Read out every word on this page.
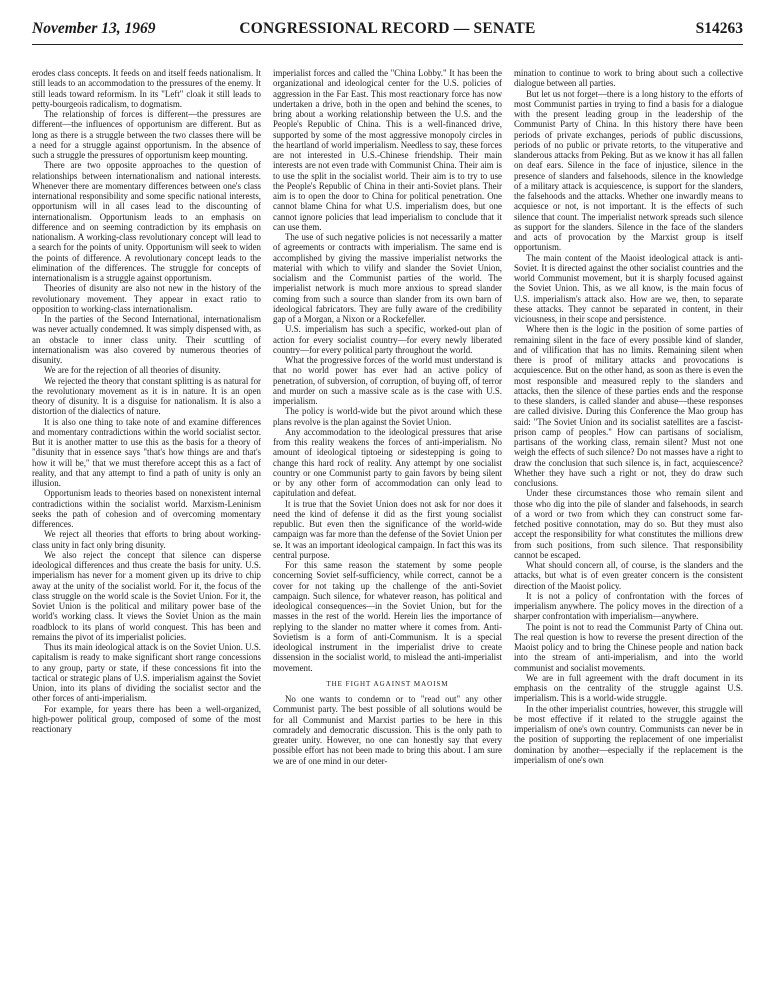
November 13, 1969	CONGRESSIONAL RECORD — SENATE	S14263

erodes class concepts. It feeds on and itself feeds nationalism. It still leads to an accommodation to the pressures of the enemy. It still leads toward reformism. In its "Left" cloak it still leads to petty-bourgeois radicalism, to dogmatism.

The relationship of forces is different—the pressures are different—the influences of opportunism are different. But as long as there is a struggle between the two classes there will be a need for a struggle against opportunism. In the absence of such a struggle the pressures of opportunism keep mounting.

There are two opposite approaches to the question of relationships between internationalism and national interests. Whenever there are momentary differences between one's class international responsibility and some specific national interests, opportunism will in all cases lead to the discounting of internationalism. Opportunism leads to an emphasis on difference and on seeming contradiction by its emphasis on nationalism. A working-class revolutionary concept will lead to a search for the points of unity. Opportunism will seek to widen the points of difference. A revolutionary concept leads to the elimination of the differences. The struggle for concepts of internationalism is a struggle against opportunism.

Theories of disunity are also not new in the history of the revolutionary movement. They appear in exact ratio to opposition to working-class internationalism.

In the parties of the Second International, internationalism was never actually condemned. It was simply dispensed with, as an obstacle to inner class unity. Their scuttling of internationalism was also covered by numerous theories of disunity.

We are for the rejection of all theories of disunity.

We rejected the theory that constant splitting is as natural for the revolutionary movement as it is in nature. It is an open theory of disunity. It is a disguise for nationalism. It is also a distortion of the dialectics of nature.

It is also one thing to take note of and examine differences and momentary contradictions within the world socialist sector. But it is another matter to use this as the basis for a theory of "disunity that in essence says "that's how things are and that's how it will be," that we must therefore accept this as a fact of reality, and that any attempt to find a path of unity is only an illusion.

Opportunism leads to theories based on nonexistent internal contradictions within the socialist world. Marxism-Leninism seeks the path of cohesion and of overcoming momentary differences.

We reject all theories that efforts to bring about working-class unity in fact only bring disunity.

We also reject the concept that silence can disperse ideological differences and thus create the basis for unity. U.S. imperialism has never for a moment given up its drive to chip away at the unity of the socialist world. For it, the focus of the class struggle on the world scale is the Soviet Union. For it, the Soviet Union is the political and military power base of the world's working class. It views the Soviet Union as the main roadblock to its plans of world conquest. This has been and remains the pivot of its imperialist policies.

Thus its main ideological attack is on the Soviet Union. U.S. capitalism is ready to make significant short range concessions to any group, party or state, if these concessions fit into the tactical or strategic plans of U.S. imperialism against the Soviet Union, into its plans of dividing the socialist sector and the other forces of anti-imperialism.

For example, for years there has been a well-organized, high-power political group, composed of some of the most reactionary

imperialist forces and called the "China Lobby." It has been the organizational and ideological center for the U.S. policies of aggression in the Far East. This most reactionary force has now undertaken a drive, both in the open and behind the scenes, to bring about a working relationship between the U.S. and the People's Republic of China. This is a well-financed drive, supported by some of the most aggressive monopoly circles in the heartland of world imperialism. Needless to say, these forces are not interested in U.S.-Chinese friendship. Their main interests are not even trade with Communist China. Their aim is to use the split in the socialist world. Their aim is to try to use the People's Republic of China in their anti-Soviet plans. Their aim is to open the door to China for political penetration. One cannot blame China for what U.S. imperialism does, but one cannot ignore policies that lead imperialism to conclude that it can use them.

The use of such negative policies is not necessarily a matter of agreements or contracts with imperialism. The same end is accomplished by giving the massive imperialist networks the material with which to vilify and slander the Soviet Union, socialism and the Communist parties of the world. The imperialist network is much more anxious to spread slander coming from such a source than slander from its own barn of ideological fabricators. They are fully aware of the credibility gap of a Morgan, a Nixon or a Rockefeller.

U.S. imperialism has such a specific, worked-out plan of action for every socialist country—for every newly liberated country—for every political party throughout the world.

What the progressive forces of the world must understand is that no world power has ever had an active policy of penetration, of subversion, of corruption, of buying off, of terror and murder on such a massive scale as is the case with U.S. imperialism.

The policy is world-wide but the pivot around which these plans revolve is the plan against the Soviet Union.

Any accommodation to the ideological pressures that arise from this reality weakens the forces of anti-imperialism. No amount of ideological tiptoeing or sidestepping is going to change this hard rock of reality. Any attempt by one socialist country or one Communist party to gain favors by being silent or by any other form of accommodation can only lead to capitulation and defeat.

It is true that the Soviet Union does not ask for nor does it need the kind of defense it did as the first young socialist republic. But even then the significance of the world-wide campaign was far more than the defense of the Soviet Union per se. It was an important ideological campaign. In fact this was its central purpose.

For this same reason the statement by some people concerning Soviet self-sufficiency, while correct, cannot be a cover for not taking up the challenge of the anti-Soviet campaign. Such silence, for whatever reason, has political and ideological consequences—in the Soviet Union, but for the masses in the rest of the world. Herein lies the importance of replying to the slander no matter where it comes from. Anti-Sovietism is a form of anti-Communism. It is a special ideological instrument in the imperialist drive to create dissension in the socialist world, to mislead the anti-imperialist movement.

THE FIGHT AGAINST MAOISM

No one wants to condemn or to "read out" any other Communist party. The best possible of all solutions would be for all Communist and Marxist parties to be here in this comradely and democratic discussion. This is the only path to greater unity. However, no one can honestly say that every possible effort has not been made to bring this about. I am sure we are of one mind in our deter-

mination to continue to work to bring about such a collective dialogue between all parties.

But let us not forget—there is a long history to the efforts of most Communist parties in trying to find a basis for a dialogue with the present leading group in the leadership of the Communist Party of China. In this history there have been periods of private exchanges, periods of public discussions, periods of no public or private retorts, to the vituperative and slanderous attacks from Peking. But as we know it has all fallen on deaf ears. Silence in the face of injustice, silence in the presence of slanders and falsehoods, silence in the knowledge of a military attack is acquiescence, is support for the slanders, the falsehoods and the attacks. Whether one inwardly means to acquiesce or not, is not important. It is the effects of such silence that count. The imperialist network spreads such silence as support for the slanders. Silence in the face of the slanders and acts of provocation by the Marxist group is itself opportunism.

The main content of the Maoist ideological attack is anti-Soviet. It is directed against the other socialist countries and the world Communist movement, but it is sharply focused against the Soviet Union. This, as we all know, is the main focus of U.S. imperialism's attack also. How are we, then, to separate these attacks. They cannot be separated in content, in their viciousness, in their scope and persistence.

Where then is the logic in the position of some parties of remaining silent in the face of every possible kind of slander, and of vilification that has no limits. Remaining silent when there is proof of military attacks and provocations is acquiescence. But on the other hand, as soon as there is even the most responsible and measured reply to the slanders and attacks, then the silence of these parties ends and the response to these slanders, is called slander and abuse—these responses are called divisive. During this Conference the Mao group has said: "The Soviet Union and its socialist satellites are a fascist-prison camp of peoples." How can partisans of socialism, partisans of the working class, remain silent? Must not one weigh the effects of such silence? Do not masses have a right to draw the conclusion that such silence is, in fact, acquiescence? Whether they have such a right or not, they do draw such conclusions.

Under these circumstances those who remain silent and those who dig into the pile of slander and falsehoods, in search of a word or two from which they can construct some far-fetched positive connotation, may do so. But they must also accept the responsibility for what constitutes the millions drew from such positions, from such silence. That responsibility cannot be escaped.

What should concern all, of course, is the slanders and the attacks, but what is of even greater concern is the consistent direction of the Maoist policy.

It is not a policy of confrontation with the forces of imperialism anywhere. The policy moves in the direction of a sharper confrontation with imperialism—anywhere.

The point is not to read the Communist Party of China out. The real question is how to reverse the present direction of the Maoist policy and to bring the Chinese people and nation back into the stream of anti-imperialism, and into the world communist and socialist movements.

We are in full agreement with the draft document in its emphasis on the centrality of the struggle against U.S. imperialism. This is a world-wide struggle.

In the other imperialist countries, however, this struggle will be most effective if it related to the struggle against the imperialism of one's own country. Communists can never be in the position of supporting the replacement of one imperialist domination by another—especially if the replacement is the imperialism of one's own
